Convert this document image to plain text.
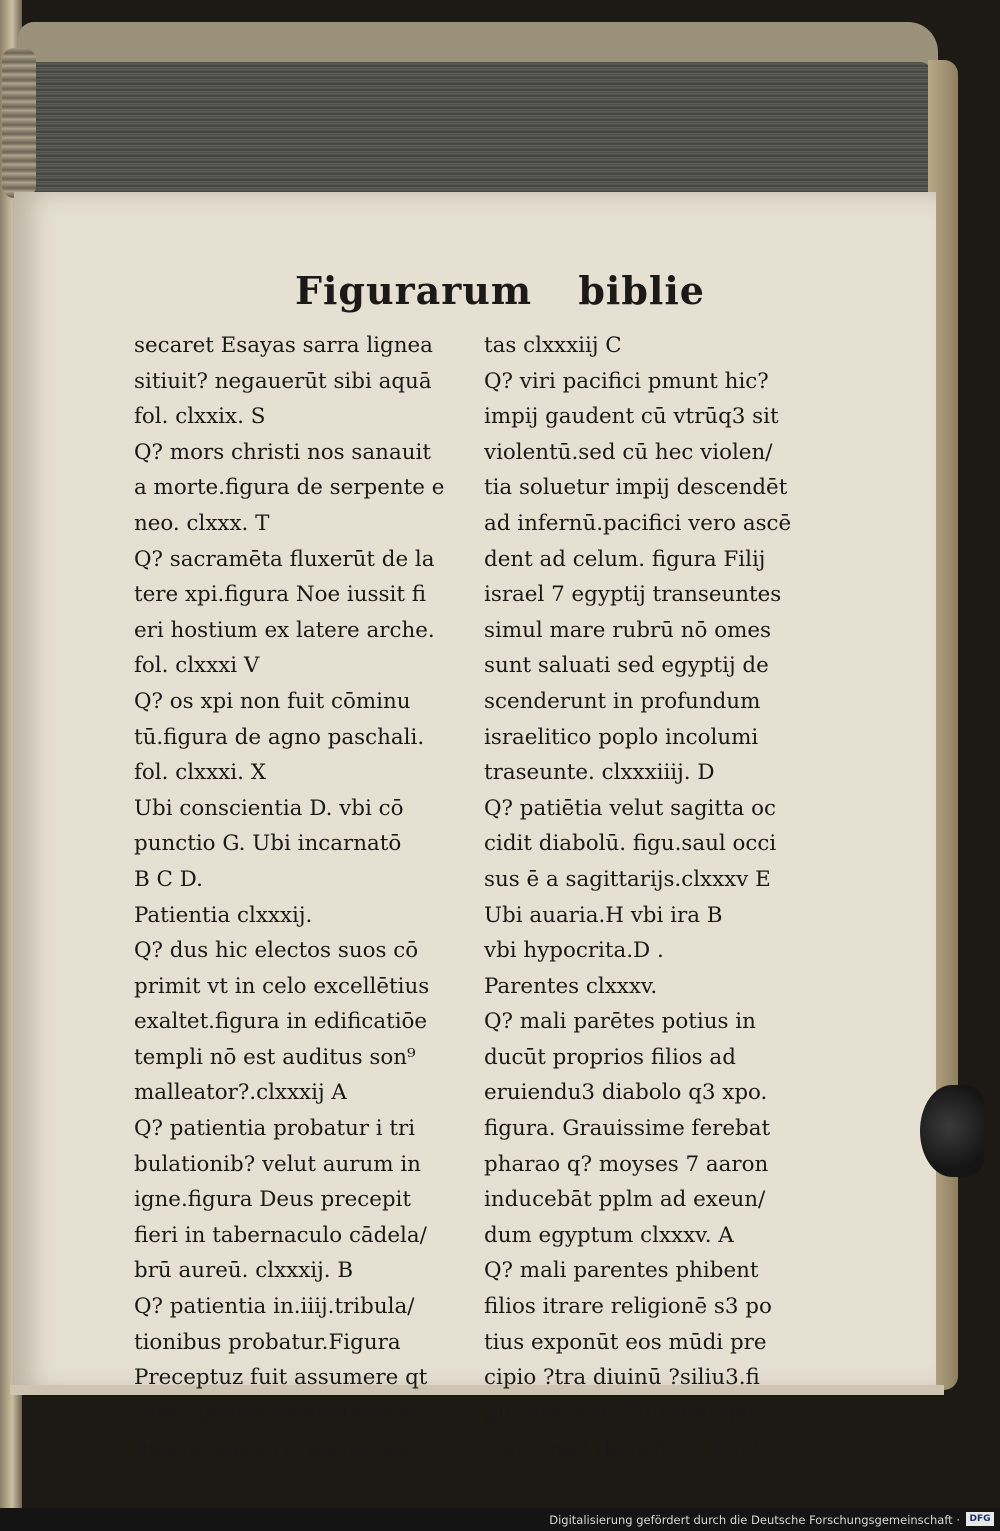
Figurarum biblie
secaret Esayas sarra lignea
sitiuit? negauerūt sibi aquā
fol. clxxix. S
Q? mors christi nos sanauit
a morte.figura de serpente e
neo. clxxx. T
Q? sacramēta fluxerūt de la
tere xpi.figura Noe iussit fi
eri hostium ex latere arche.
fol. clxxxi V
Q? os xpi non fuit cōminu
tū.figura de agno paschali.
fol. clxxxi. X
Ubi conscientia D. vbi cō
punctio G. Ubi incarnatō
B C D.
Patientia clxxxij.
Q? dus hic electos suos cō
primit vt in celo excellētius
exaltet.figura in edificatiōe
templi nō est auditus son⁹
malleator?.clxxxij A
Q? patientia probatur i tri
bulationib? velut aurum in
igne.figura Deus precepit
fieri in tabernaculo cādela/
brū aureū. clxxxij. B
Q? patientia in.iiij.tribula/
tionibus probatur.Figura
Preceptuz fuit assumere qt
tuor species aromaticas e/
qualis ponderis pulueriza
tas clxxxiij C
Q? viri pacifici pmunt hic?
impij gaudent cū vtrūq3 sit
violentū.sed cū hec violen/
tia soluetur impij descendēt
ad infernū.pacifici vero ascē
dent ad celum. figura Filij
israel 7 egyptij transeuntes
simul mare rubrū nō omes
sunt saluati sed egyptij de
scenderunt in profundum
israelitico poplo incolumi
traseunte. clxxxiiij. D
Q? patiētia velut sagitta oc
cidit diabolū. figu.saul occi
sus ē a sagittarijs.clxxxv E
Ubi auaria.H vbi ira B
vbi hypocrita.D .
Parentes clxxxv.
Q? mali parētes potius in
ducūt proprios filios ad
eruiendu3 diabolo q3 xpo.
figura. Grauissime ferebat
pharao q? moyses 7 aaron
inducebāt pplm ad exeun/
dum egyptum clxxxv. A
Q? mali parentes phibent
filios itrare religionē s3 po
tius exponūt eos mūdi pre
cipio ?tra diuinū ?siliu3.fi
gu. Preceptū fuit non fieri
machina3 de arbore fructi
Digitalisierung gefördert durch die Deutsche Forschungsgemeinschaft ·	DFG
